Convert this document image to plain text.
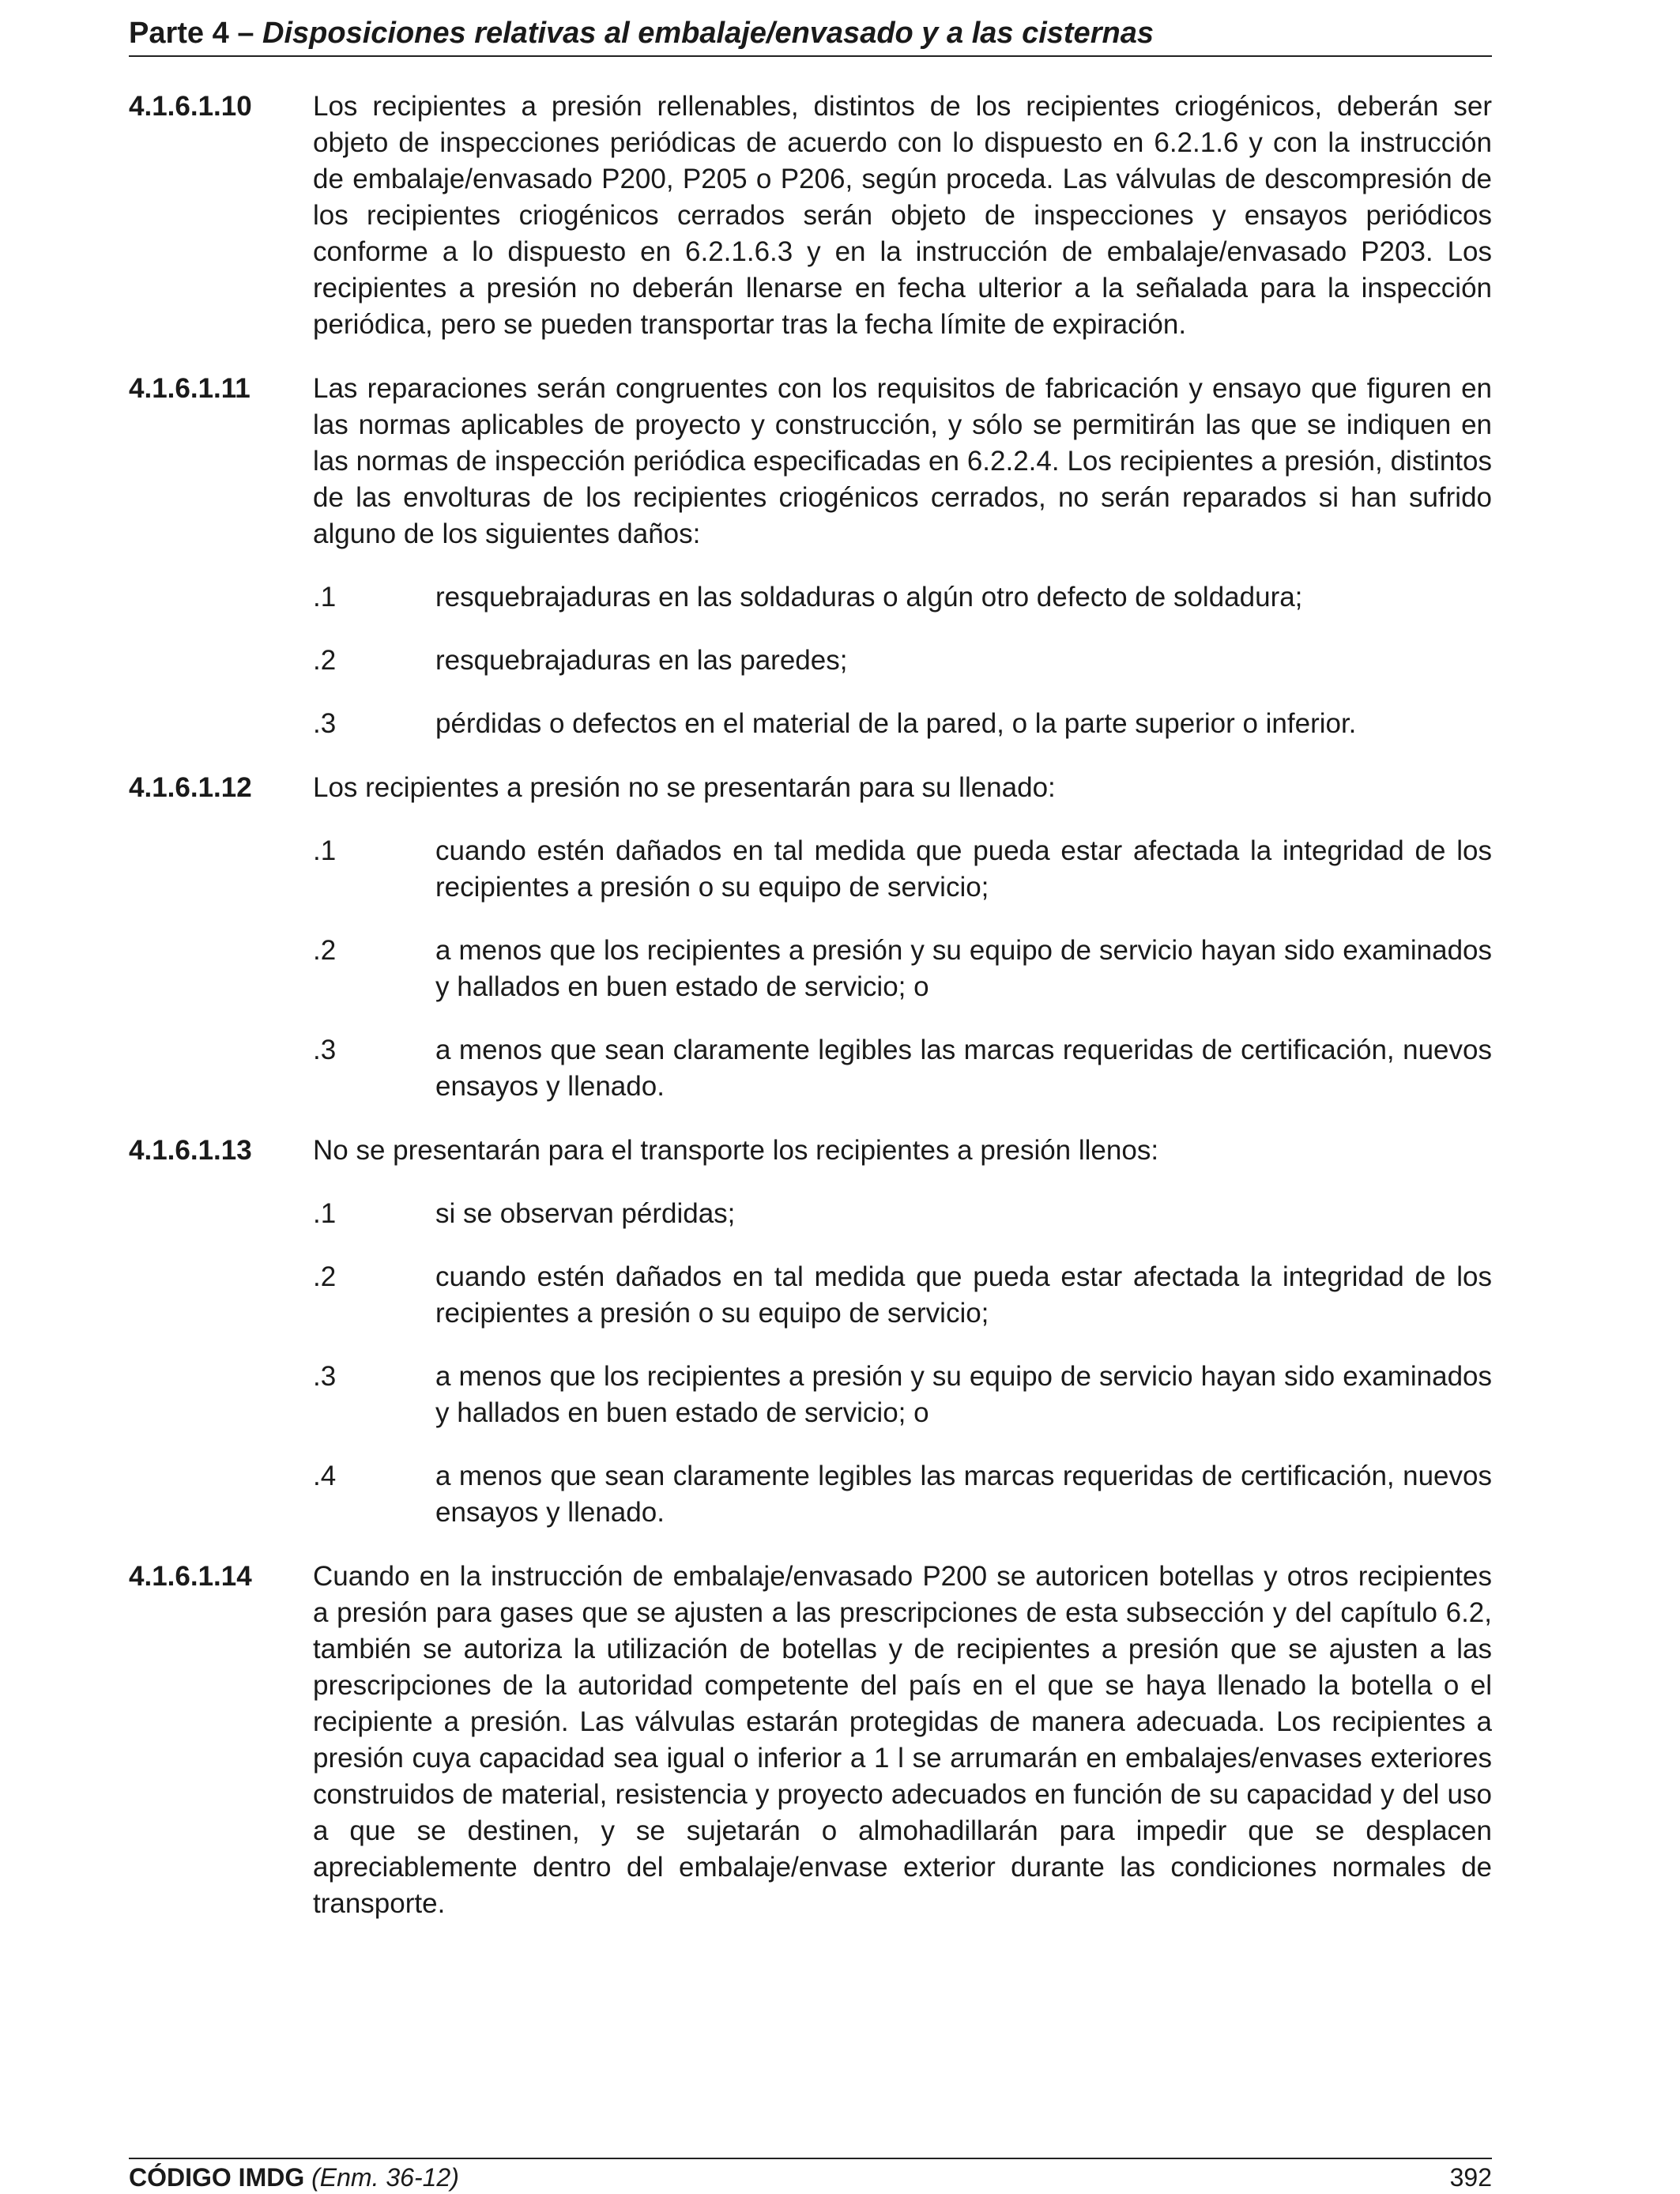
Parte 4 – Disposiciones relativas al embalaje/envasado y a las cisternas
4.1.6.1.10	Los recipientes a presión rellenables, distintos de los recipientes criogénicos, deberán ser objeto de inspecciones periódicas de acuerdo con lo dispuesto en 6.2.1.6 y con la instrucción de embalaje/envasado P200, P205 o P206, según proceda. Las válvulas de descompresión de los recipientes criogénicos cerrados serán objeto de inspecciones y ensayos periódicos conforme a lo dispuesto en 6.2.1.6.3 y en la instrucción de embalaje/envasado P203. Los recipientes a presión no deberán llenarse en fecha ulterior a la señalada para la inspección periódica, pero se pueden transportar tras la fecha límite de expiración.
4.1.6.1.11	Las reparaciones serán congruentes con los requisitos de fabricación y ensayo que figuren en las normas aplicables de proyecto y construcción, y sólo se permitirán las que se indiquen en las normas de inspección periódica especificadas en 6.2.2.4. Los recipientes a presión, distintos de las envolturas de los recipientes criogénicos cerrados, no serán reparados si han sufrido alguno de los siguientes daños:
.1	resquebrajaduras en las soldaduras o algún otro defecto de soldadura;
.2	resquebrajaduras en las paredes;
.3	pérdidas o defectos en el material de la pared, o la parte superior o inferior.
4.1.6.1.12	Los recipientes a presión no se presentarán para su llenado:
.1	cuando estén dañados en tal medida que pueda estar afectada la integridad de los recipientes a presión o su equipo de servicio;
.2	a menos que los recipientes a presión y su equipo de servicio hayan sido examinados y hallados en buen estado de servicio; o
.3	a menos que sean claramente legibles las marcas requeridas de certificación, nuevos ensayos y llenado.
4.1.6.1.13	No se presentarán para el transporte los recipientes a presión llenos:
.1	si se observan pérdidas;
.2	cuando estén dañados en tal medida que pueda estar afectada la integridad de los recipientes a presión o su equipo de servicio;
.3	a menos que los recipientes a presión y su equipo de servicio hayan sido examinados y hallados en buen estado de servicio; o
.4	a menos que sean claramente legibles las marcas requeridas de certificación, nuevos ensayos y llenado.
4.1.6.1.14	Cuando en la instrucción de embalaje/envasado P200 se autoricen botellas y otros recipientes a presión para gases que se ajusten a las prescripciones de esta subsección y del capítulo 6.2, también se autoriza la utilización de botellas y de recipientes a presión que se ajusten a las prescripciones de la autoridad competente del país en el que se haya llenado la botella o el recipiente a presión. Las válvulas estarán protegidas de manera adecuada. Los recipientes a presión cuya capacidad sea igual o inferior a 1 l se arrumarán en embalajes/envases exteriores construidos de material, resistencia y proyecto adecuados en función de su capacidad y del uso a que se destinen, y se sujetarán o almohadillarán para impedir que se desplacen apreciablemente dentro del embalaje/envase exterior durante las condiciones normales de transporte.
CÓDIGO IMDG (Enm. 36-12)	392
